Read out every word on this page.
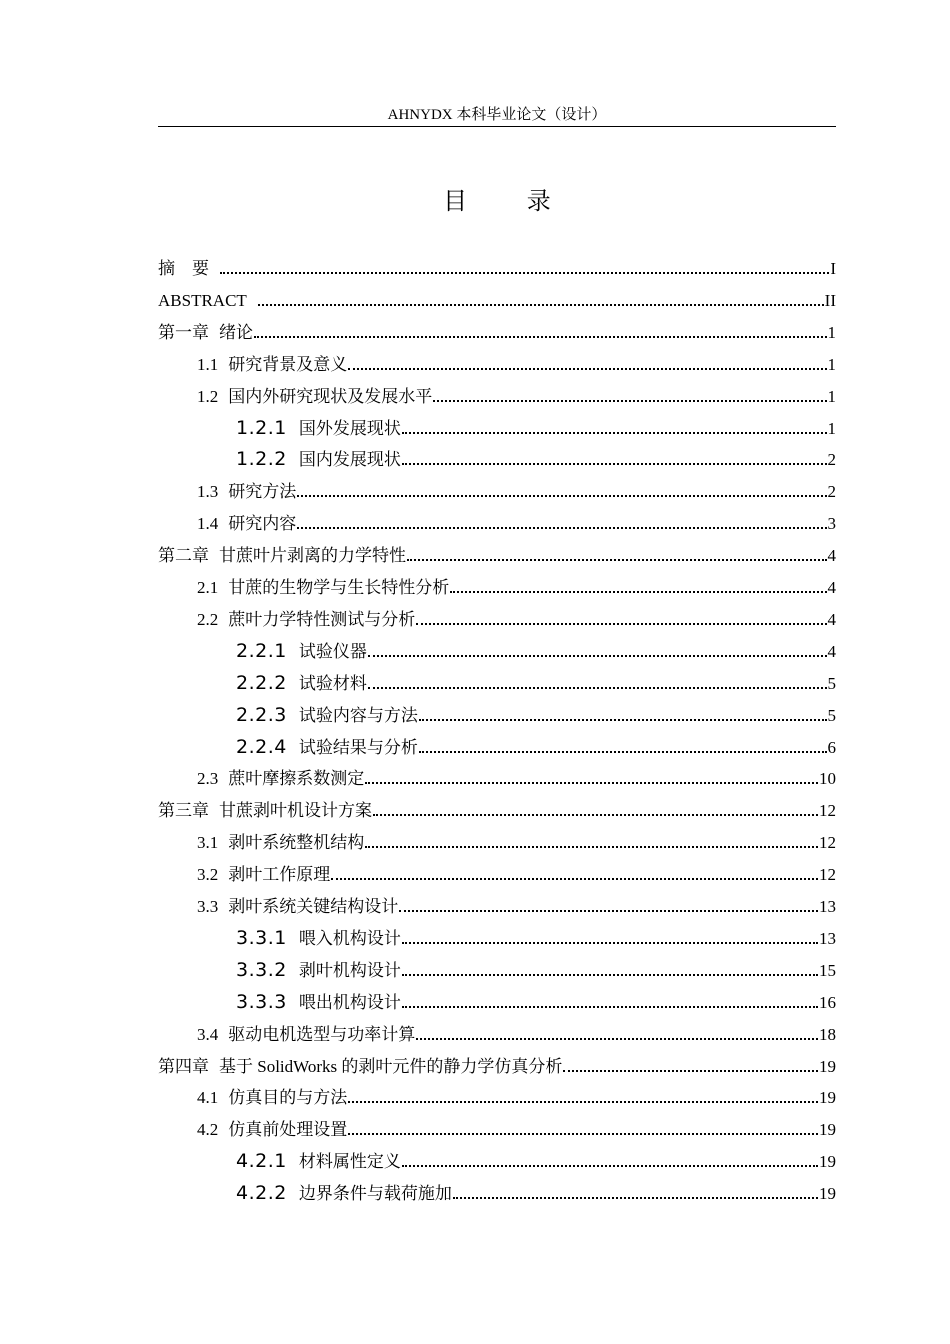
AHNYDX 本科毕业论文（设计）
目 录
摘　要	I
ABSTRACT	II
第一章 绪论	1
1.1 研究背景及意义	1
1.2 国内外研究现状及发展水平	1
1.2.1 国外发展现状	1
1.2.2 国内发展现状	2
1.3 研究方法	2
1.4 研究内容	3
第二章 甘蔗叶片剥离的力学特性	4
2.1 甘蔗的生物学与生长特性分析	4
2.2 蔗叶力学特性测试与分析	4
2.2.1 试验仪器	4
2.2.2 试验材料	5
2.2.3 试验内容与方法	5
2.2.4 试验结果与分析	6
2.3 蔗叶摩擦系数测定	10
第三章 甘蔗剥叶机设计方案	12
3.1 剥叶系统整机结构	12
3.2 剥叶工作原理	12
3.3 剥叶系统关键结构设计	13
3.3.1 喂入机构设计	13
3.3.2 剥叶机构设计	15
3.3.3 喂出机构设计	16
3.4 驱动电机选型与功率计算	18
第四章 基于 SolidWorks 的剥叶元件的静力学仿真分析	19
4.1 仿真目的与方法	19
4.2 仿真前处理设置	19
4.2.1 材料属性定义	19
4.2.2 边界条件与载荷施加	19
